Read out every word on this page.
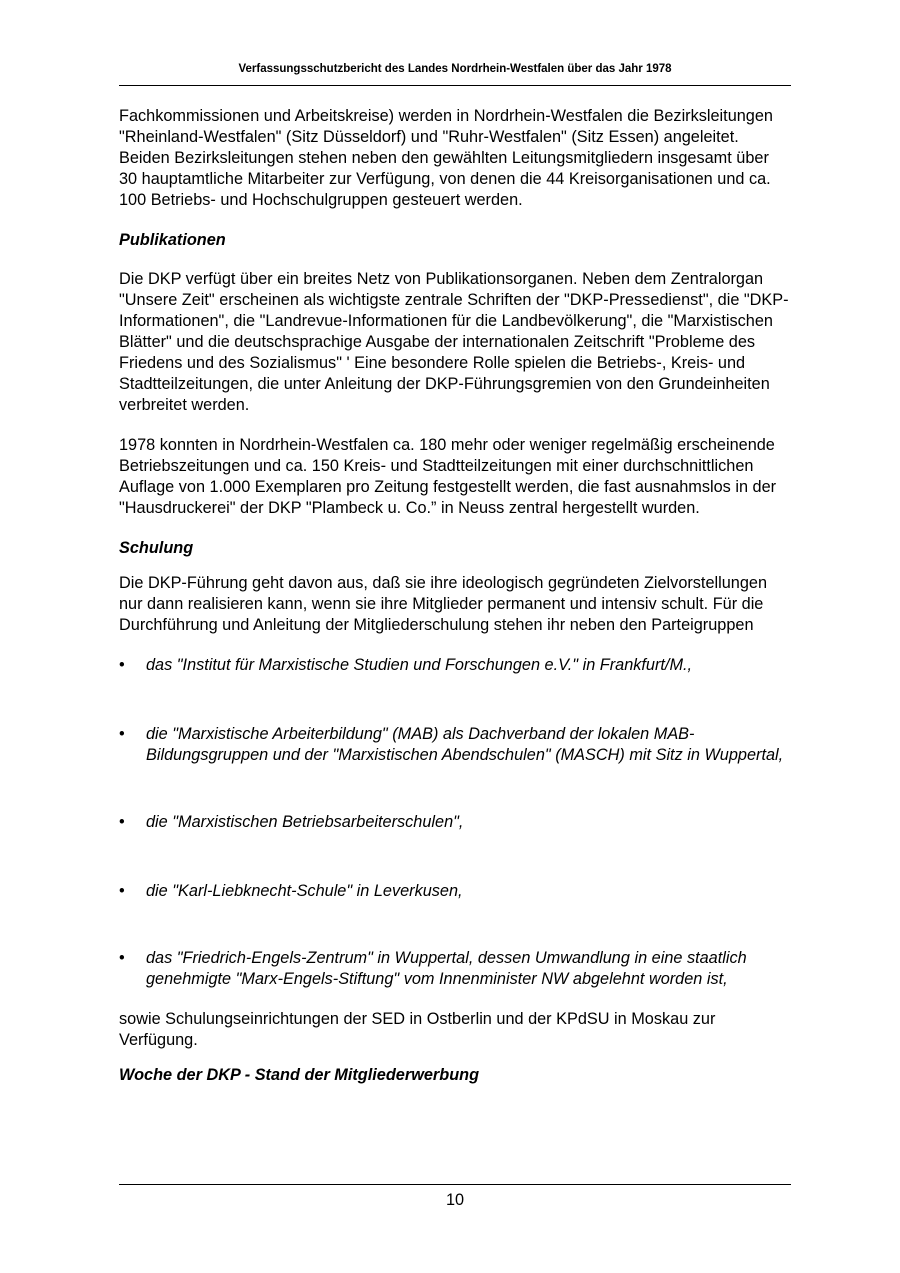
Verfassungsschutzbericht des Landes Nordrhein-Westfalen über das Jahr 1978

Fachkommissionen und Arbeitskreise) werden in Nordrhein-Westfalen die Bezirksleitungen "Rheinland-Westfalen" (Sitz Düsseldorf) und "Ruhr-Westfalen" (Sitz Essen) angeleitet. Beiden Bezirksleitungen stehen neben den gewählten Leitungsmitgliedern insgesamt über 30 hauptamtliche Mitarbeiter zur Verfügung, von denen die 44 Kreisorganisationen und ca. 100 Betriebs- und Hochschulgruppen gesteuert werden.

Publikationen

Die DKP verfügt über ein breites Netz von Publikationsorganen. Neben dem Zentralorgan "Unsere Zeit" erscheinen als wichtigste zentrale Schriften der "DKP-Pressedienst", die "DKP-Informationen", die "Landrevue-Informationen für die Landbevölkerung", die "Marxistischen Blätter" und die deutschsprachige Ausgabe der internationalen Zeitschrift "Probleme des Friedens und des Sozialismus" ' Eine besondere Rolle spielen die Betriebs-, Kreis- und Stadtteilzeitungen, die unter Anleitung der DKP-Führungsgremien von den Grundeinheiten verbreitet werden.

1978 konnten in Nordrhein-Westfalen ca. 180 mehr oder weniger regelmäßig erscheinende Betriebszeitungen und ca. 150 Kreis- und Stadtteilzeitungen mit einer durchschnittlichen Auflage von 1.000 Exemplaren pro Zeitung festgestellt werden, die fast ausnahmslos in der "Hausdruckerei" der DKP "Plambeck u. Co.” in Neuss zentral hergestellt wurden.

Schulung

Die DKP-Führung geht davon aus, daß sie ihre ideologisch gegründeten Zielvorstellungen nur dann realisieren kann, wenn sie ihre Mitglieder permanent und intensiv schult. Für die Durchführung und Anleitung der Mitgliederschulung stehen ihr neben den Parteigruppen

• das "Institut für Marxistische Studien und Forschungen e.V." in Frankfurt/M.,
• die "Marxistische Arbeiterbildung" (MAB) als Dachverband der lokalen MAB-Bildungsgruppen und der "Marxistischen Abendschulen" (MASCH) mit Sitz in Wuppertal,
• die "Marxistischen Betriebsarbeiterschulen",
• die "Karl-Liebknecht-Schule" in Leverkusen,
• das "Friedrich-Engels-Zentrum" in Wuppertal, dessen Umwandlung in eine staatlich genehmigte "Marx-Engels-Stiftung" vom Innenminister NW abgelehnt worden ist,

sowie Schulungseinrichtungen der SED in Ostberlin und der KPdSU in Moskau zur Verfügung.

Woche der DKP - Stand der Mitgliederwerbung
10
